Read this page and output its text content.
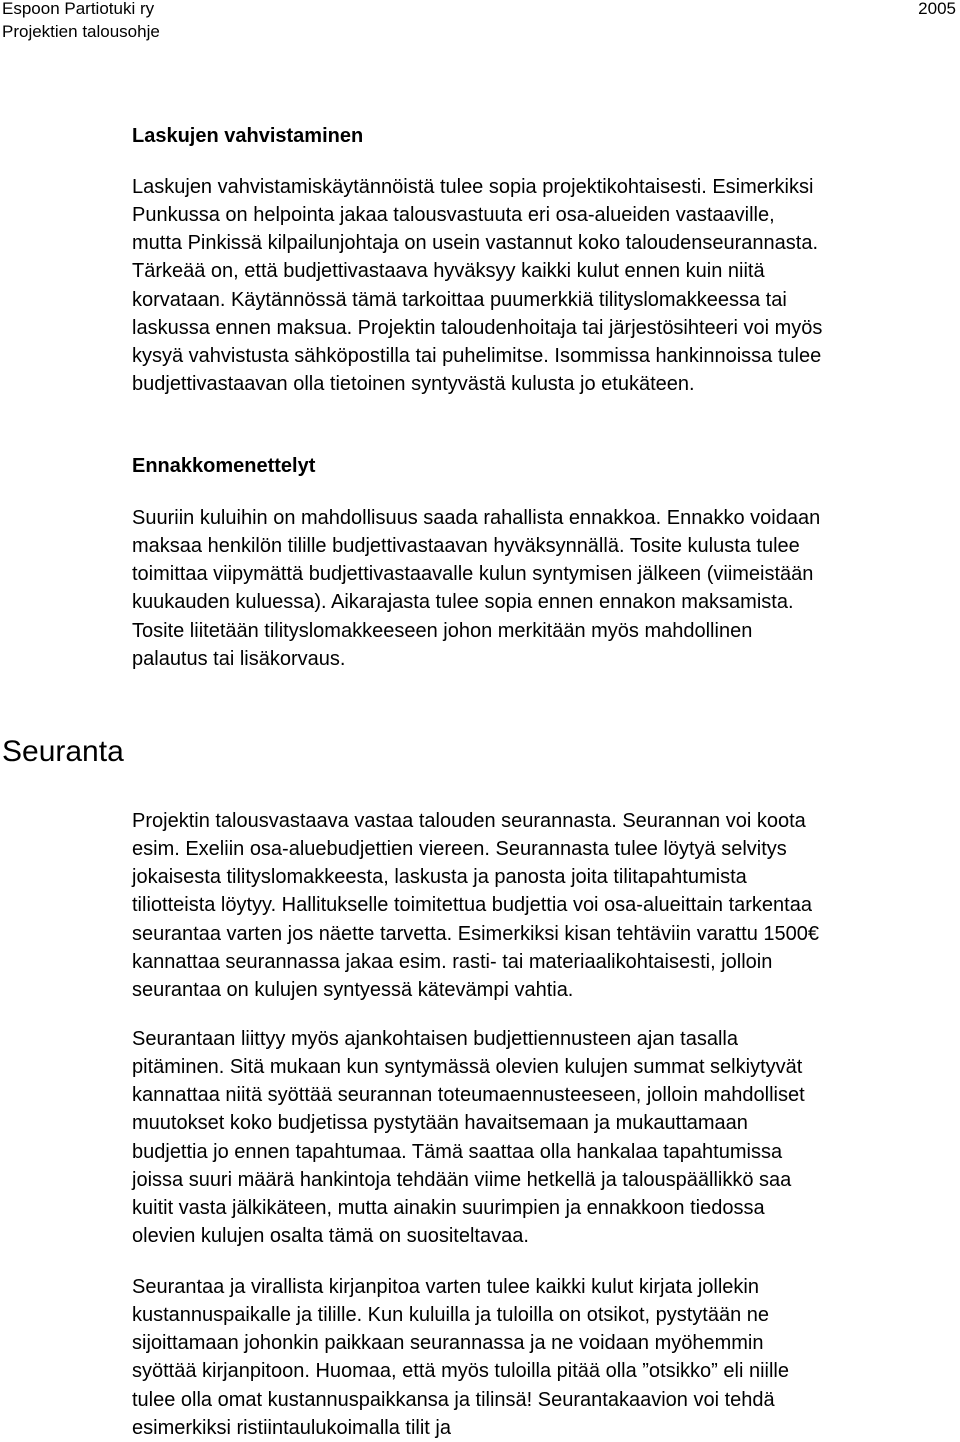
Espoon Partiotuki ry
Projektien talousohje
2005
Laskujen vahvistaminen
Laskujen vahvistamiskäytännöistä tulee sopia projektikohtaisesti. Esimerkiksi
Punkussa on helpointa jakaa talousvastuuta eri osa-alueiden vastaaville,
mutta Pinkissä kilpailunjohtaja on usein vastannut koko taloudenseurannasta.
Tärkeää on, että budjettivastaava hyväksyy kaikki kulut ennen kuin niitä
korvataan. Käytännössä tämä tarkoittaa puumerkkiä tilityslomakkeessa tai
laskussa ennen maksua. Projektin taloudenhoitaja tai järjestösihteeri voi myös
kysyä vahvistusta sähköpostilla tai puhelimitse. Isommissa hankinnoissa tulee
budjettivastaavan olla tietoinen syntyvästä kulusta jo etukäteen.
Ennakkomenettelyt
Suuriin kuluihin on mahdollisuus saada rahallista ennakkoa. Ennakko voidaan
maksaa henkilön tilille budjettivastaavan hyväksynnällä. Tosite kulusta tulee
toimittaa viipymättä budjettivastaavalle kulun syntymisen jälkeen (viimeistään
kuukauden kuluessa). Aikarajasta tulee sopia ennen ennakon maksamista.
Tosite liitetään tilityslomakkeeseen johon merkitään myös mahdollinen
palautus tai lisäkorvaus.
Seuranta
Projektin talousvastaava vastaa talouden seurannasta. Seurannan voi koota
esim. Exeliin osa-aluebudjettien viereen. Seurannasta tulee löytyä selvitys
jokaisesta tilityslomakkeesta, laskusta ja panosta joita tilitapahtumista
tiliotteista löytyy. Hallitukselle toimitettua budjettia voi osa-alueittain tarkentaa
seurantaa varten jos näette tarvetta. Esimerkiksi kisan tehtäviin varattu 1500€
kannattaa seurannassa jakaa esim. rasti- tai materiaalikohtaisesti, jolloin
seurantaa on kulujen syntyessä kätevämpi vahtia.
Seurantaan liittyy myös ajankohtaisen budjettiennusteen ajan tasalla
pitäminen. Sitä mukaan kun syntymässä olevien kulujen summat selkiytyvät
kannattaa niitä syöttää seurannan toteumaennusteeseen, jolloin mahdolliset
muutokset koko budjetissa pystytään havaitsemaan ja mukauttamaan
budjettia jo ennen tapahtumaa. Tämä saattaa olla hankalaa tapahtumissa
joissa suuri määrä hankintoja tehdään viime hetkellä ja talouspäällikkö saa
kuitit vasta jälkikäteen, mutta ainakin suurimpien ja ennakkoon tiedossa
olevien kulujen osalta tämä on suositeltavaa.
Seurantaa ja virallista kirjanpitoa varten tulee kaikki kulut kirjata jollekin
kustannuspaikalle ja tilille. Kun kuluilla ja tuloilla on otsikot, pystytään ne
sijoittamaan johonkin paikkaan seurannassa ja ne voidaan myöhemmin
syöttää kirjanpitoon. Huomaa, että myös tuloilla pitää olla ”otsikko” eli niille
tulee olla omat kustannuspaikkansa ja tilinsä! Seurantakaavion voi tehdä
esimerkiksi ristiintaulukoimalla tilit ja
